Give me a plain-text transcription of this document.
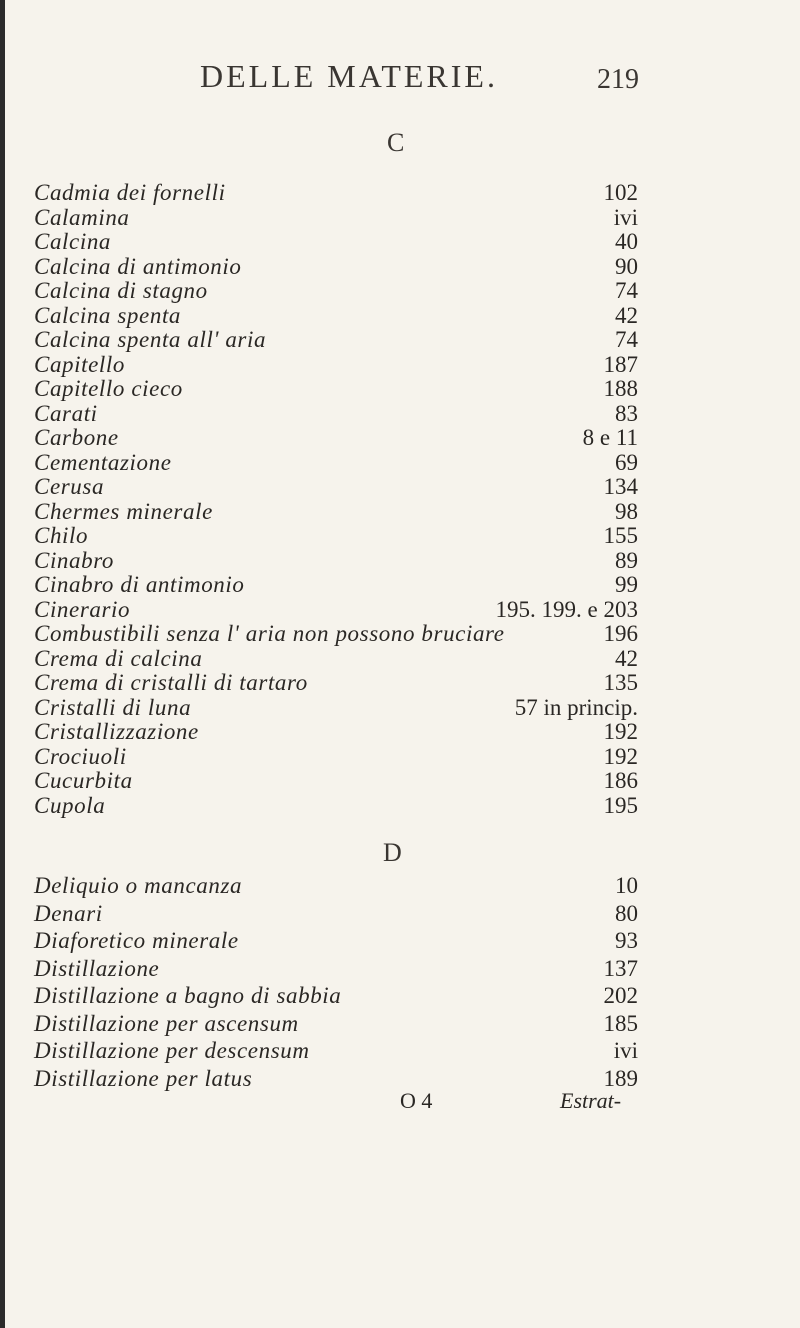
DELLE MATERIE.	219
C
Cadmia dei fornelli	102
Calamina	ivi
Calcina	40
Calcina di antimonio	90
Calcina di stagno	74
Calcina spenta	42
Calcina spenta all' aria	74
Capitello	187
Capitello cieco	188
Carati	83
Carbone	8 e 11
Cementazione	69
Cerusa	134
Chermes minerale	98
Chilo	155
Cinabro	89
Cinabro di antimonio	99
Cinerario	195. 199. e 203
Combustibili senza l' aria non possono bruciare	196
Crema di calcina	42
Crema di cristalli di tartaro	135
Cristalli di luna	57 in princip.
Cristallizzazione	192
Crociuoli	192
Cucurbita	186
Cupola	195
D
Deliquio o mancanza	10
Denari	80
Diaforetico minerale	93
Distillazione	137
Distillazione a bagno di sabbia	202
Distillazione per ascensum	185
Distillazione per descensum	ivi
Distillazione per latus	189
O 4	Estrat-
